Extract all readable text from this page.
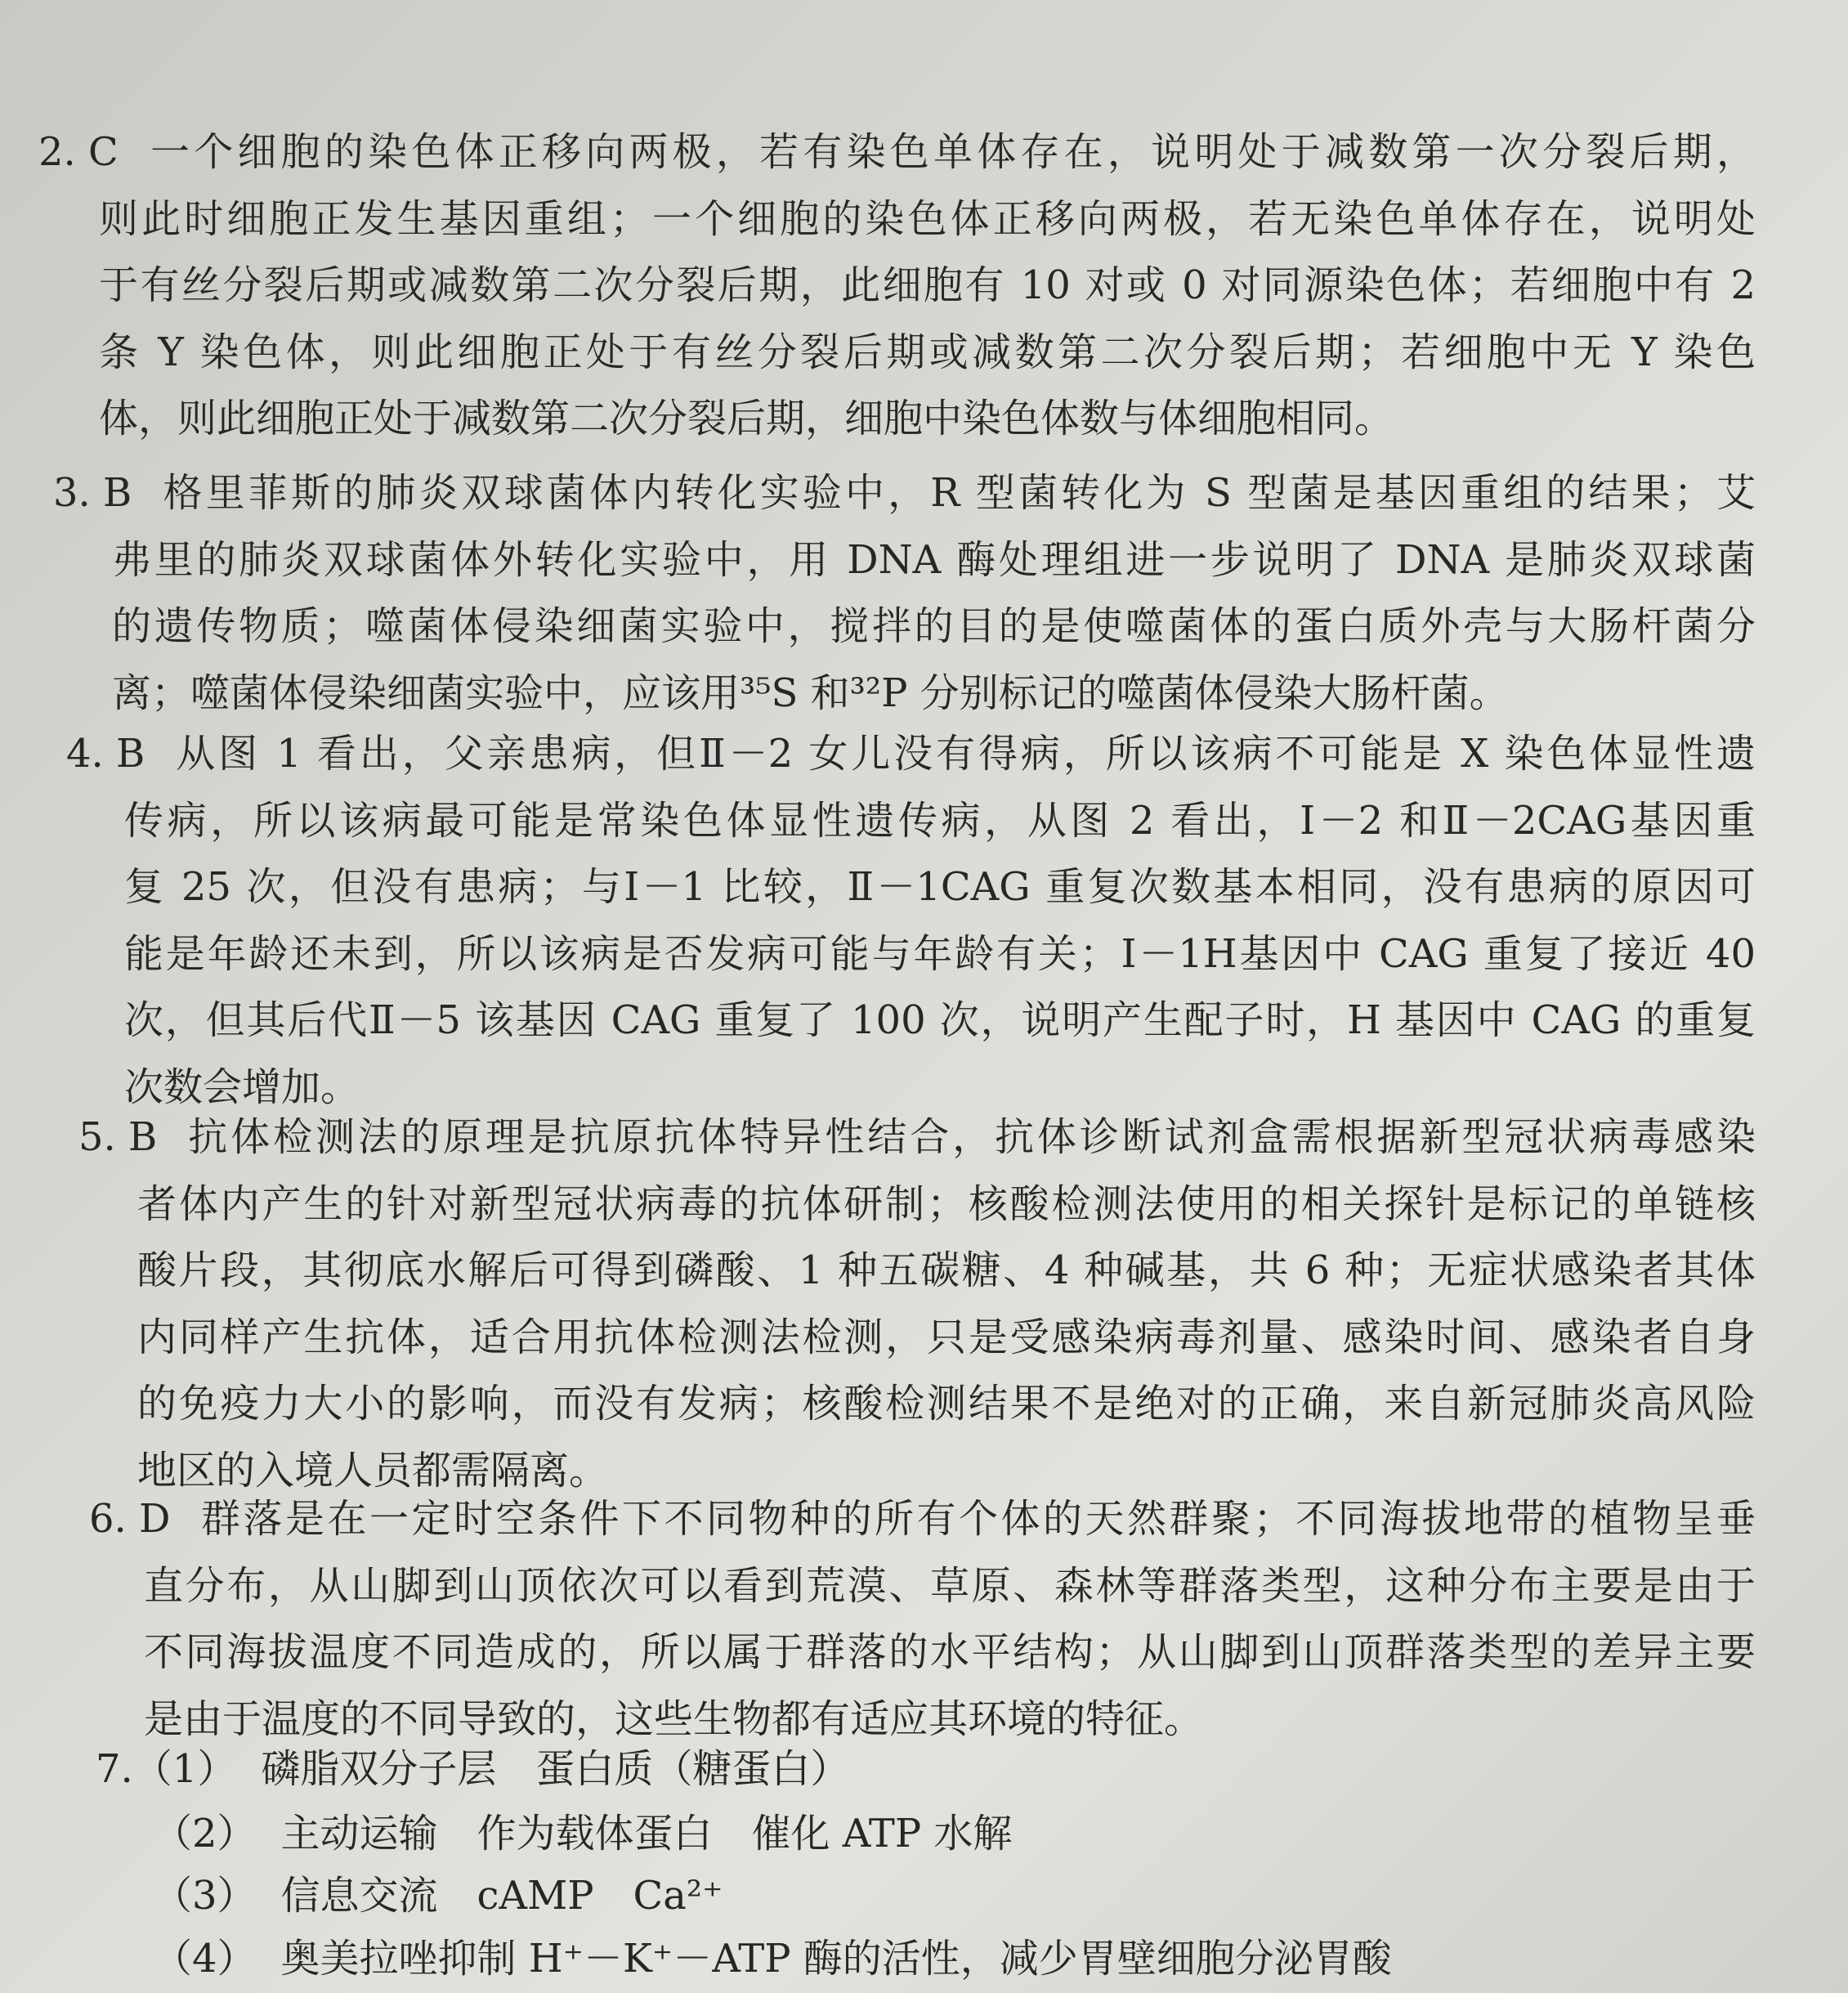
2. C 一个细胞的染色体正移向两极，若有染色单体存在，说明处于减数第一次分裂后期，
则此时细胞正发生基因重组；一个细胞的染色体正移向两极，若无染色单体存在，说明处
于有丝分裂后期或减数第二次分裂后期，此细胞有 10 对或 0 对同源染色体；若细胞中有 2
条 Y 染色体，则此细胞正处于有丝分裂后期或减数第二次分裂后期；若细胞中无 Y 染色
体，则此细胞正处于减数第二次分裂后期，细胞中染色体数与体细胞相同。
3. B 格里菲斯的肺炎双球菌体内转化实验中，R 型菌转化为 S 型菌是基因重组的结果；艾
弗里的肺炎双球菌体外转化实验中，用 DNA 酶处理组进一步说明了 DNA 是肺炎双球菌
的遗传物质；噬菌体侵染细菌实验中，搅拌的目的是使噬菌体的蛋白质外壳与大肠杆菌分
离；噬菌体侵染细菌实验中，应该用³⁵S 和³²P 分别标记的噬菌体侵染大肠杆菌。
4. B 从图 1 看出，父亲患病，但Ⅱ－2 女儿没有得病，所以该病不可能是 X 染色体显性遗
传病，所以该病最可能是常染色体显性遗传病，从图 2 看出，Ⅰ－2 和Ⅱ－2CAG基因重
复 25 次，但没有患病；与Ⅰ－1 比较，Ⅱ－1CAG 重复次数基本相同，没有患病的原因可
能是年龄还未到，所以该病是否发病可能与年龄有关；Ⅰ－1H基因中 CAG 重复了接近 40
次，但其后代Ⅱ－5 该基因 CAG 重复了 100 次，说明产生配子时，H 基因中 CAG 的重复
次数会增加。
5. B 抗体检测法的原理是抗原抗体特异性结合，抗体诊断试剂盒需根据新型冠状病毒感染
者体内产生的针对新型冠状病毒的抗体研制；核酸检测法使用的相关探针是标记的单链核
酸片段，其彻底水解后可得到磷酸、1 种五碳糖、4 种碱基，共 6 种；无症状感染者其体
内同样产生抗体，适合用抗体检测法检测，只是受感染病毒剂量、感染时间、感染者自身
的免疫力大小的影响，而没有发病；核酸检测结果不是绝对的正确，来自新冠肺炎高风险
地区的入境人员都需隔离。
6. D 群落是在一定时空条件下不同物种的所有个体的天然群聚；不同海拔地带的植物呈垂
直分布，从山脚到山顶依次可以看到荒漠、草原、森林等群落类型，这种分布主要是由于
不同海拔温度不同造成的，所以属于群落的水平结构；从山脚到山顶群落类型的差异主要
是由于温度的不同导致的，这些生物都有适应其环境的特征。
7.（1） 磷脂双分子层　蛋白质（糖蛋白）
（2） 主动运输　作为载体蛋白　催化 ATP 水解
（3） 信息交流　cAMP　Ca²⁺
（4） 奥美拉唑抑制 H⁺－K⁺－ATP 酶的活性，减少胃壁细胞分泌胃酸
